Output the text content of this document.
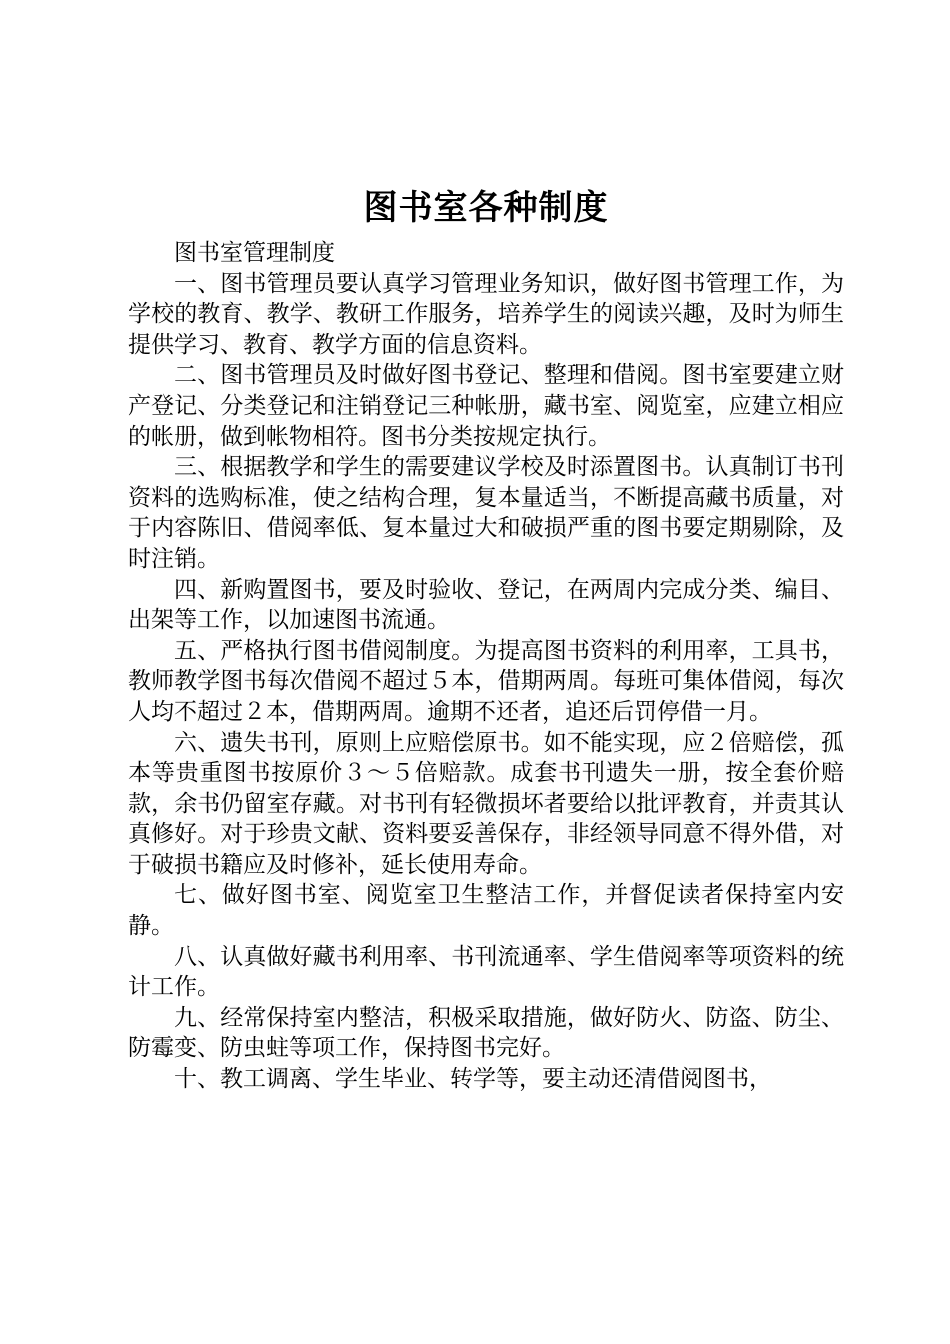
图书室各种制度

图书室管理制度

一、图书管理员要认真学习管理业务知识，做好图书管理工作，为学校的教育、教学、教研工作服务，培养学生的阅读兴趣，及时为师生提供学习、教育、教学方面的信息资料。

二、图书管理员及时做好图书登记、整理和借阅。图书室要建立财产登记、分类登记和注销登记三种帐册，藏书室、阅览室，应建立相应的帐册，做到帐物相符。图书分类按规定执行。

三、根据教学和学生的需要建议学校及时添置图书。认真制订书刊资料的选购标准，使之结构合理，复本量适当，不断提高藏书质量，对于内容陈旧、借阅率低、复本量过大和破损严重的图书要定期剔除，及时注销。

四、新购置图书，要及时验收、登记，在两周内完成分类、编目、出架等工作，以加速图书流通。

五、严格执行图书借阅制度。为提高图书资料的利用率，工具书，教师教学图书每次借阅不超过５本，借期两周。每班可集体借阅，每次人均不超过２本，借期两周。逾期不还者，追还后罚停借一月。

六、遗失书刊，原则上应赔偿原书。如不能实现，应２倍赔偿，孤本等贵重图书按原价３～５倍赔款。成套书刊遗失一册，按全套价赔款，余书仍留室存藏。对书刊有轻微损坏者要给以批评教育，并责其认真修好。对于珍贵文献、资料要妥善保存，非经领导同意不得外借，对于破损书籍应及时修补，延长使用寿命。

七、做好图书室、阅览室卫生整洁工作，并督促读者保持室内安静。

八、认真做好藏书利用率、书刊流通率、学生借阅率等项资料的统计工作。

九、经常保持室内整洁，积极采取措施，做好防火、防盗、防尘、防霉变、防虫蛀等项工作，保持图书完好。

十、教工调离、学生毕业、转学等，要主动还清借阅图书，
